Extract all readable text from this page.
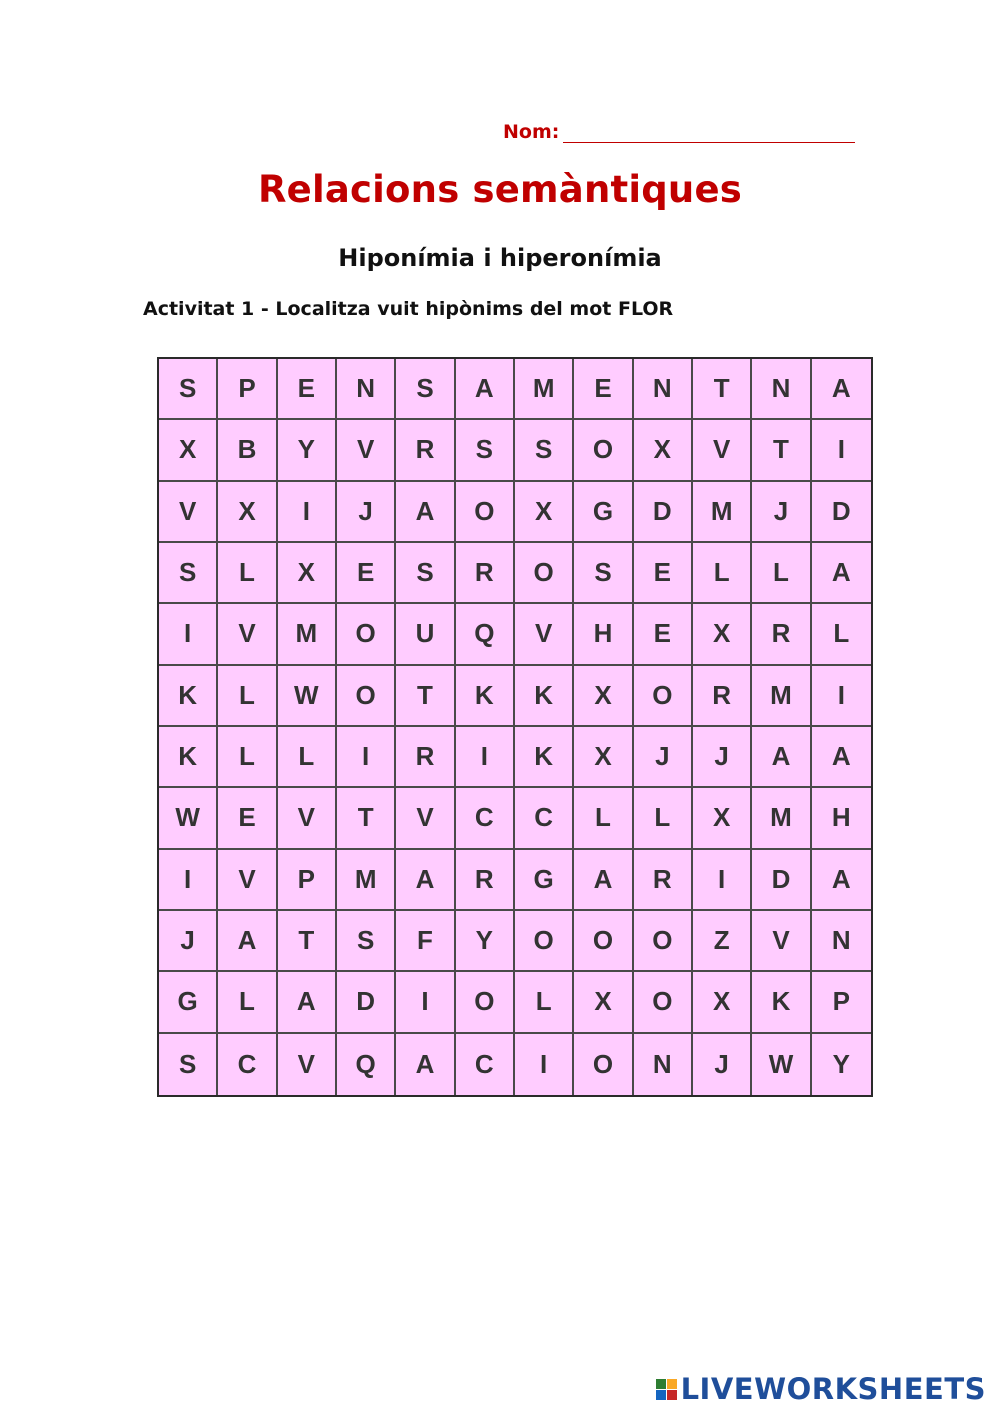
Nom:
Relacions semàntiques
Hiponímia i hiperonímia
Activitat 1 - Localitza vuit hipònims del mot FLOR
S	P	E	N	S	A	M	E	N	T	N	A
X	B	Y	V	R	S	S	O	X	V	T	I
V	X	I	J	A	O	X	G	D	M	J	D
S	L	X	E	S	R	O	S	E	L	L	A
I	V	M	O	U	Q	V	H	E	X	R	L
K	L	W	O	T	K	K	X	O	R	M	I
K	L	L	I	R	I	K	X	J	J	A	A
W	E	V	T	V	C	C	L	L	X	M	H
I	V	P	M	A	R	G	A	R	I	D	A
J	A	T	S	F	Y	O	O	O	Z	V	N
G	L	A	D	I	O	L	X	O	X	K	P
S	C	V	Q	A	C	I	O	N	J	W	Y
LIVEWORKSHEETS
